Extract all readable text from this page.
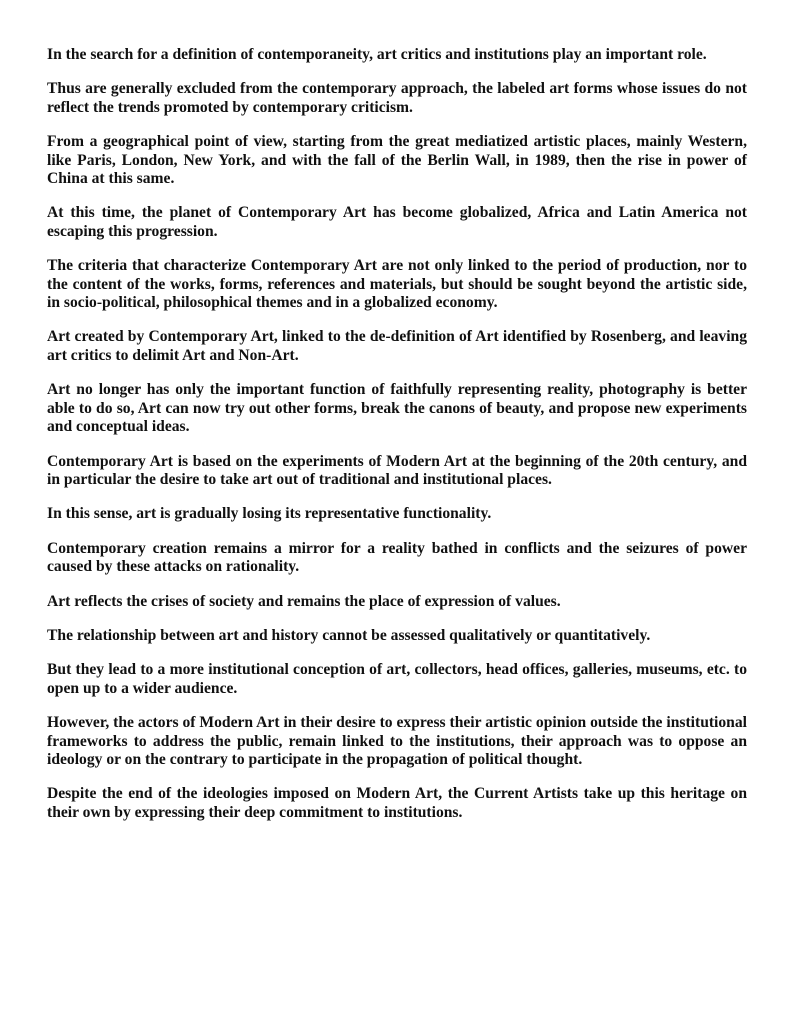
In the search for a definition of contemporaneity, art critics and institutions play an important role.

Thus are generally excluded from the contemporary approach, the labeled art forms whose issues do not reflect the trends promoted by contemporary criticism.

From a geographical point of view, starting from the great mediatized artistic places, mainly Western, like Paris, London, New York, and with the fall of the Berlin Wall, in 1989, then the rise in power of China at this same.

At this time, the planet of Contemporary Art has become globalized, Africa and Latin America not escaping this progression.

The criteria that characterize Contemporary Art are not only linked to the period of production, nor to the content of the works, forms, references and materials, but should be sought beyond the artistic side, in socio-political, philosophical themes and in a globalized economy.

Art created by Contemporary Art, linked to the de-definition of Art identified by Rosenberg, and leaving art critics to delimit Art and Non-Art.

Art no longer has only the important function of faithfully representing reality, photography is better able to do so, Art can now try out other forms, break the canons of beauty, and propose new experiments and conceptual ideas.

Contemporary Art is based on the experiments of Modern Art at the beginning of the 20th century, and in particular the desire to take art out of traditional and institutional places.

In this sense, art is gradually losing its representative functionality.

Contemporary creation remains a mirror for a reality bathed in conflicts and the seizures of power caused by these attacks on rationality.

Art reflects the crises of society and remains the place of expression of values.

The relationship between art and history cannot be assessed qualitatively or quantitatively.

But they lead to a more institutional conception of art, collectors, head offices, galleries, museums, etc. to open up to a wider audience.

However, the actors of Modern Art in their desire to express their artistic opinion outside the institutional frameworks to address the public, remain linked to the institutions, their approach was to oppose an ideology or on the contrary to participate in the propagation of political thought.

Despite the end of the ideologies imposed on Modern Art, the Current Artists take up this heritage on their own by expressing their deep commitment to institutions.
